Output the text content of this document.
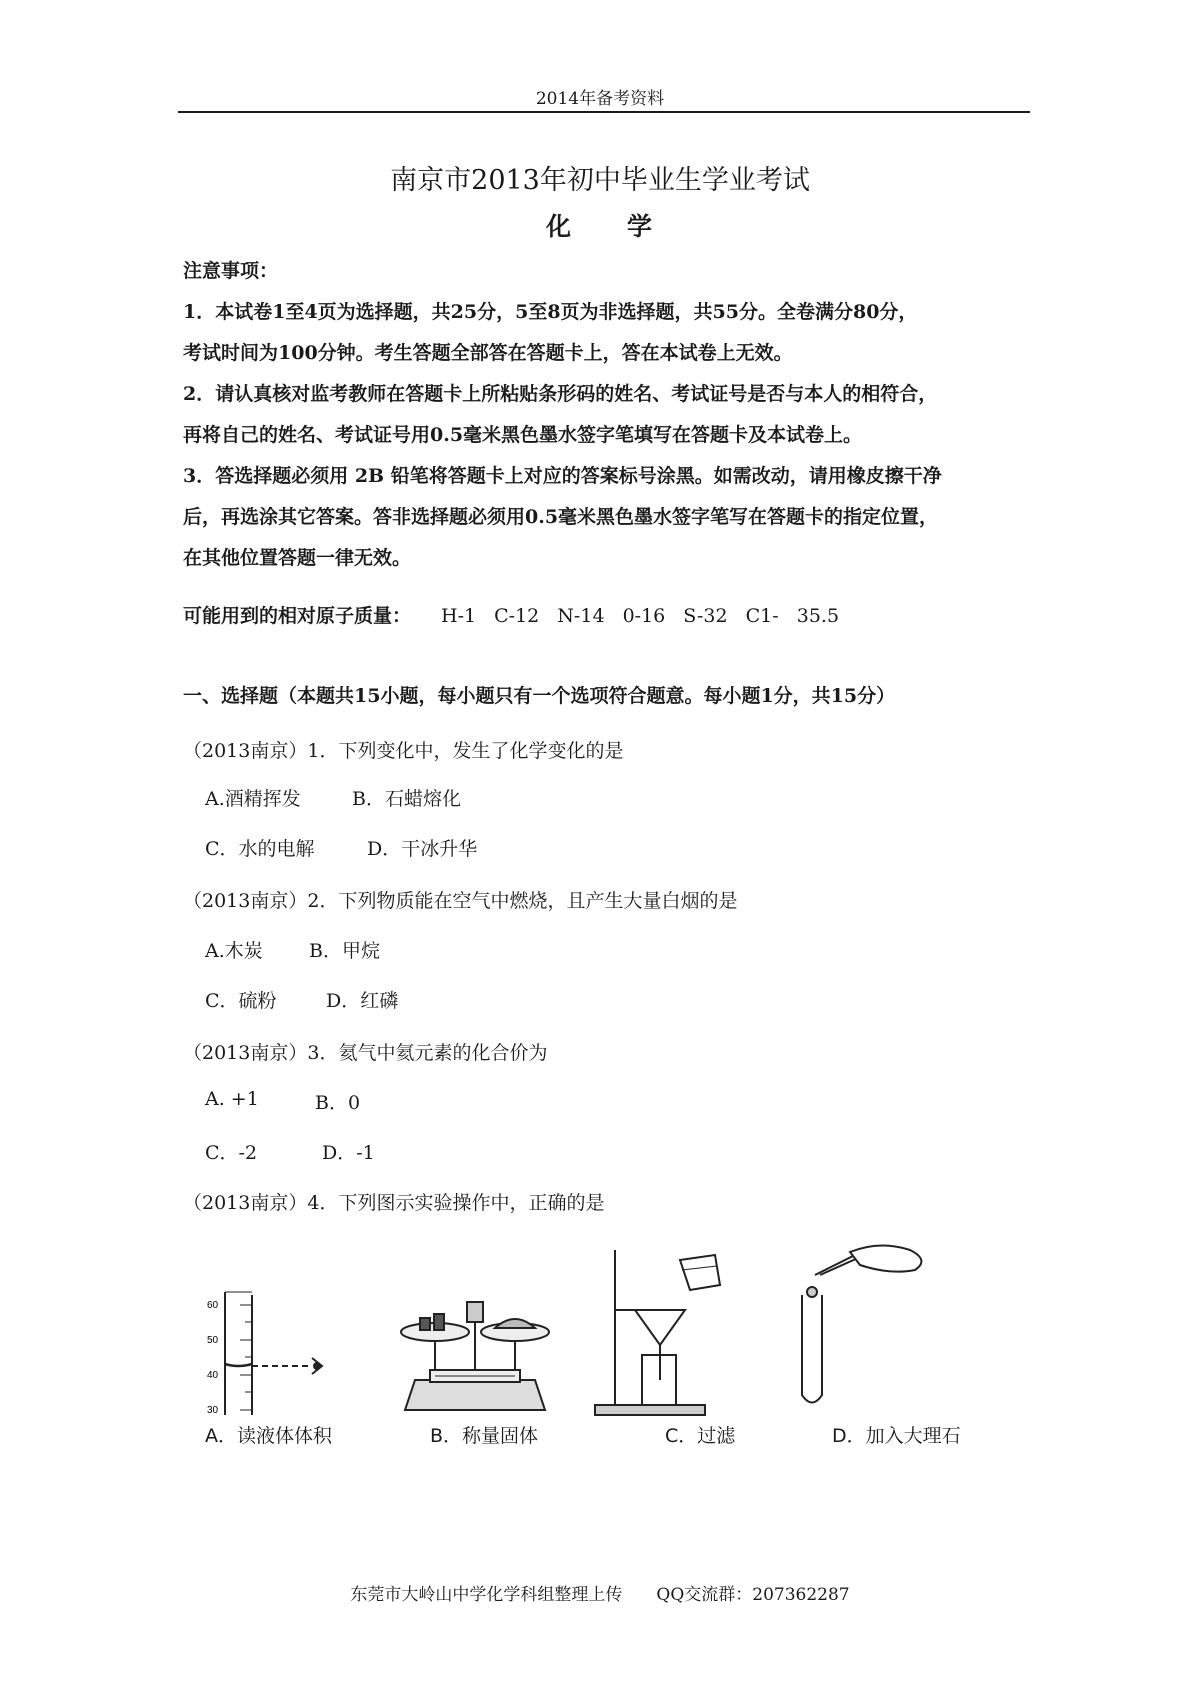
2014年备考资料
南京市2013年初中毕业生学业考试
化　　学
注意事项：
1．本试卷1至4页为选择题，共25分，5至8页为非选择题，共55分。全卷满分80分，
考试时间为100分钟。考生答题全部答在答题卡上，答在本试卷上无效。
2．请认真核对监考教师在答题卡上所粘贴条形码的姓名、考试证号是否与本人的相符合，
再将自己的姓名、考试证号用0.5毫米黑色墨水签字笔填写在答题卡及本试卷上。
3．答选择题必须用 2B 铅笔将答题卡上对应的答案标号涂黑。如需改动，请用橡皮擦干净
后，再选涂其它答案。答非选择题必须用0.5毫米黑色墨水签字笔写在答题卡的指定位置，
在其他位置答题一律无效。
可能用到的相对原子质量： H-1 C-12 N-14 0-16 S-32 C1- 35.5
一、选择题（本题共15小题，每小题只有一个选项符合题意。每小题1分，共15分）
（2013南京）1．下列变化中，发生了化学变化的是
A.酒精挥发	B．石蜡熔化
C．水的电解	D．干冰升华
（2013南京）2．下列物质能在空气中燃烧，且产生大量白烟的是
A.木炭 B．甲烷
C．硫粉	D．红磷
（2013南京）3．氦气中氦元素的化合价为
A. +1	B．0
C．-2	D．-1
（2013南京）4．下列图示实验操作中，正确的是
60
50
40
30
A．读液体体积	B．称量固体	C．过滤	D．加入大理石
东莞市大岭山中学化学科组整理上传　　QQ交流群：207362287
